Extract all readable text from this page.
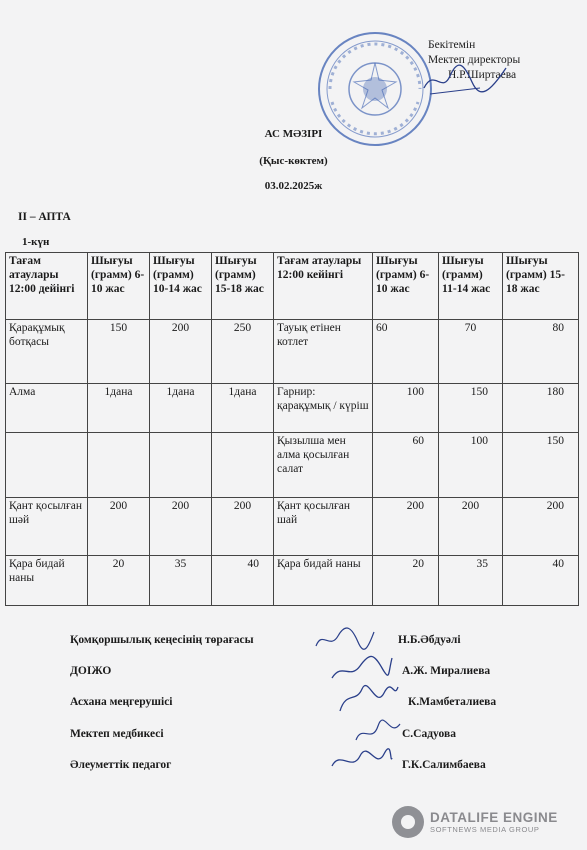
Бекітемін
Мектеп директоры
Н.Р.Ширтаева
АС МӘЗІРІ
(Қыс-көктем)
03.02.2025ж
ІІ – АПТА
1-күн
Тағам атаулары 12:00 дейінгі	Шығуы (грамм) 6-10 жас	Шығуы (грамм) 10-14 жас	Шығуы (грамм) 15-18 жас	Тағам атаулары 12:00 кейінгі	Шығуы (грамм) 6-10 жас	Шығуы (грамм) 11-14 жас	Шығуы (грамм) 15-18 жас
Қарақұмық ботқасы	150	200	250	Тауық етінен котлет	60	70	80
Алма	1дана	1дана	1дана	Гарнир: қарақұмық / күріш	100	150	180
				Қызылша мен алма қосылған салат	60	100	150
Қант қосылған шәй	200	200	200	Қант қосылған шай	200	200	200
Қара бидай наны	20	35	40	Қара бидай наны	20	35	40
Қомқоршылық кеңесінің төрағасы	Н.Б.Әбдуәлі
ДОІЖО	А.Ж. Миралиева
Асхана меңгерушісі	К.Мамбеталиева
Мектеп медбикесі	С.Садуова
Әлеуметтік педагог	Г.К.Салимбаева
DATALIFE ENGINE
SOFTNEWS MEDIA GROUP
